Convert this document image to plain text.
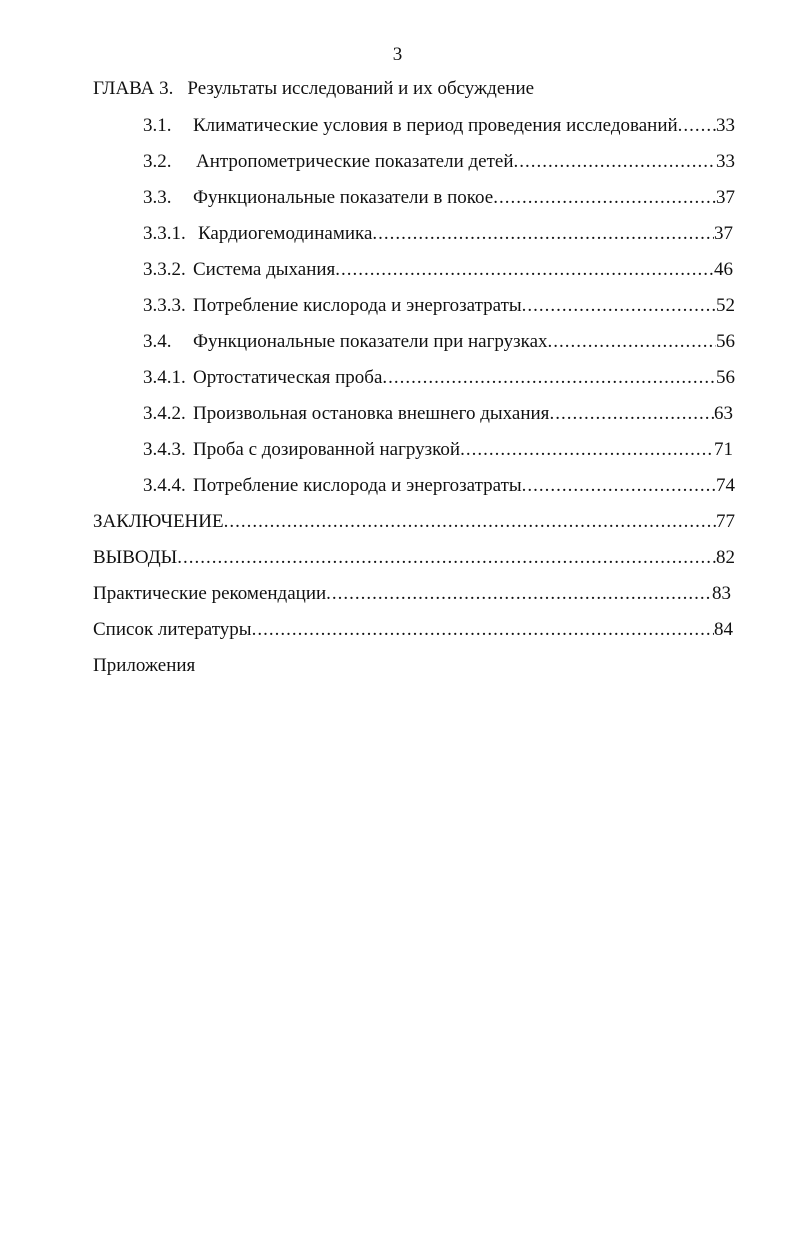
3
ГЛАВА 3. Результаты исследований и их обсуждение
3.1.	Климатические условия в период проведения исследований ..... 33
3.2.	Антропометрические показатели детей .....	33
3.3.	Функциональные показатели в покое .....	37
3.3.1. Кардиогемодинамика .....	37
3.3.2. Система дыхания .....	46
3.3.3. Потребление кислорода и энергозатраты .....	52
3.4.	Функциональные показатели при нагрузках .....	56
3.4.1. Ортостатическая проба .....	56
3.4.2. Произвольная остановка внешнего дыхания .....	63
3.4.3. Проба с дозированной нагрузкой .....	71
3.4.4. Потребление кислорода и энергозатраты .....	74
ЗАКЛЮЧЕНИЕ .....	77
ВЫВОДЫ .....	82
Практические рекомендации .....	83
Список литературы .....	84
Приложения
